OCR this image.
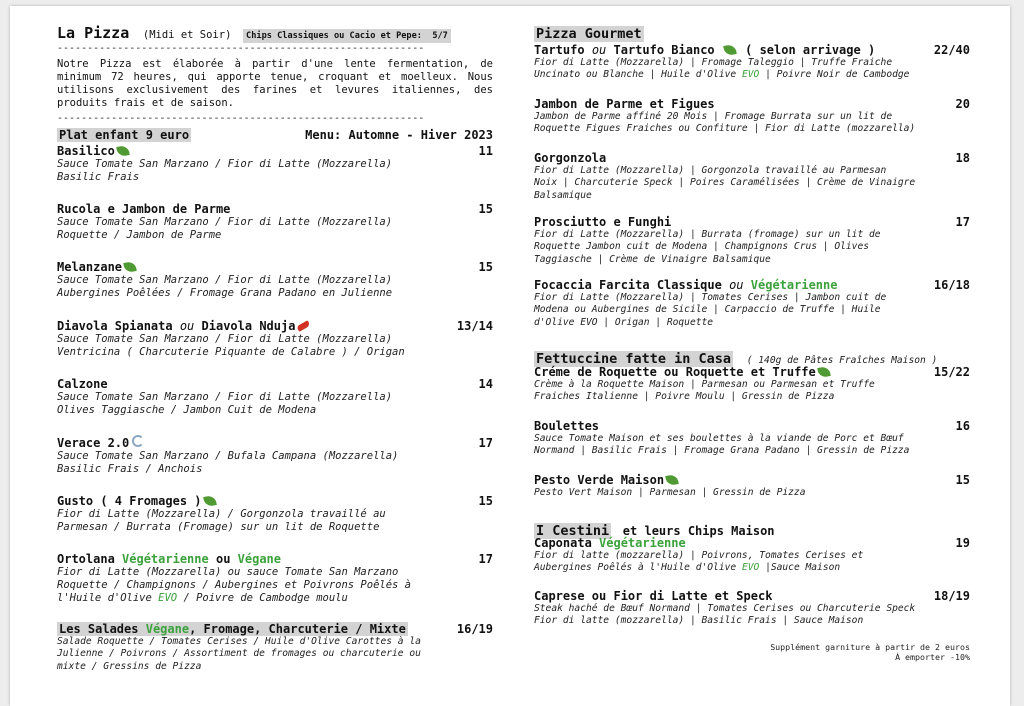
La Pizza (Midi et Soir) Chips Classiques ou Cacio et Pepe: 5/7
-------------------------------------------------------------
Notre Pizza est élaborée à partir d'une lente fermentation, de minimum 72 heures, qui apporte tenue, croquant et moelleux. Nous utilisons exclusivement des farines et levures italiennes, des produits frais et de saison.
-------------------------------------------------------------
Plat enfant 9 euro	Menu: Automne - Hiver 2023
Basilico	11
Sauce Tomate San Marzano / Fior di Latte (Mozzarella)
Basilic Frais
Rucola e Jambon de Parme	15
Sauce Tomate San Marzano / Fior di Latte (Mozzarella)
Roquette / Jambon de Parme
Melanzane	15
Sauce Tomate San Marzano / Fior di Latte (Mozzarella)
Aubergines Poêlées / Fromage Grana Padano en Julienne
Diavola Spianata ou Diavola Nduja	13/14
Sauce Tomate San Marzano / Fior di Latte (Mozzarella)
Ventricina ( Charcuterie Piquante de Calabre ) / Origan
Calzone	14
Sauce Tomate San Marzano / Fior di Latte (Mozzarella)
Olives Taggiasche / Jambon Cuit de Modena
Verace 2.0	17
Sauce Tomate San Marzano / Bufala Campana (Mozzarella)
Basilic Frais / Anchois
Gusto ( 4 Fromages )	15
Fior di Latte (Mozzarella) / Gorgonzola travaillé au
Parmesan / Burrata (Fromage) sur un lit de Roquette
Ortolana Végétarienne ou Végane	17
Fior di Latte (Mozzarella) ou sauce Tomate San Marzano
Roquette / Champignons / Aubergines et Poivrons Poêlés à
l'Huile d'Olive EVO / Poivre de Cambodge moulu
Les Salades Végane, Fromage, Charcuterie / Mixte	16/19
Salade Roquette / Tomates Cerises / Huile d'Olive Carottes à la
Julienne / Poivrons / Assortiment de fromages ou charcuterie ou
mixte / Gressins de Pizza
Pizza Gourmet
Tartufo ou Tartufo Bianco	( selon arrivage )	22/40
Fior di Latte (Mozzarella) | Fromage Taleggio | Truffe Fraiche
Uncinato ou Blanche | Huile d'Olive EVO | Poivre Noir de Cambodge
Jambon de Parme et Figues	20
Jambon de Parme affiné 20 Mois | Fromage Burrata sur un lit de
Roquette Figues Fraiches ou Confiture | Fior di Latte (mozzarella)
Gorgonzola	18
Fior di Latte (Mozzarella) | Gorgonzola travaillé au Parmesan
Noix | Charcuterie Speck | Poires Caramélisées | Crème de Vinaigre
Balsamique
Prosciutto e Funghi	17
Fior di Latte (Mozzarella) | Burrata (fromage) sur un lit de
Roquette Jambon cuit de Modena | Champignons Crus | Olives
Taggiasche | Crème de Vinaigre Balsamique
Focaccia Farcita Classique ou Végétarienne	16/18
Fior di Latte (Mozzarella) | Tomates Cerises | Jambon cuit de
Modena ou Aubergines de Sicile | Carpaccio de Truffe | Huile
d'Olive EVO | Origan | Roquette
Fettuccine fatte in Casa ( 140g de Pâtes Fraîches Maison )
Créme de Roquette ou Roquette et Truffe	15/22
Crème à la Roquette Maison | Parmesan ou Parmesan et Truffe
Fraiches Italienne | Poivre Moulu | Gressin de Pizza
Boulettes	16
Sauce Tomate Maison et ses boulettes à la viande de Porc et Bœuf
Normand | Basilic Frais | Fromage Grana Padano | Gressin de Pizza
Pesto Verde Maison	15
Pesto Vert Maison | Parmesan | Gressin de Pizza
I Cestini et leurs Chips Maison
Caponata Végétarienne	19
Fior di latte (mozzarella) | Poivrons, Tomates Cerises et
Aubergines Poêlés à l'Huile d'Olive EVO |Sauce Maison
Caprese ou Fior di Latte et Speck	18/19
Steak haché de Bœuf Normand | Tomates Cerises ou Charcuterie Speck
Fior di latte (mozzarella) | Basilic Frais | Sauce Maison
Supplément garniture à partir de 2 euros
À emporter -10%
